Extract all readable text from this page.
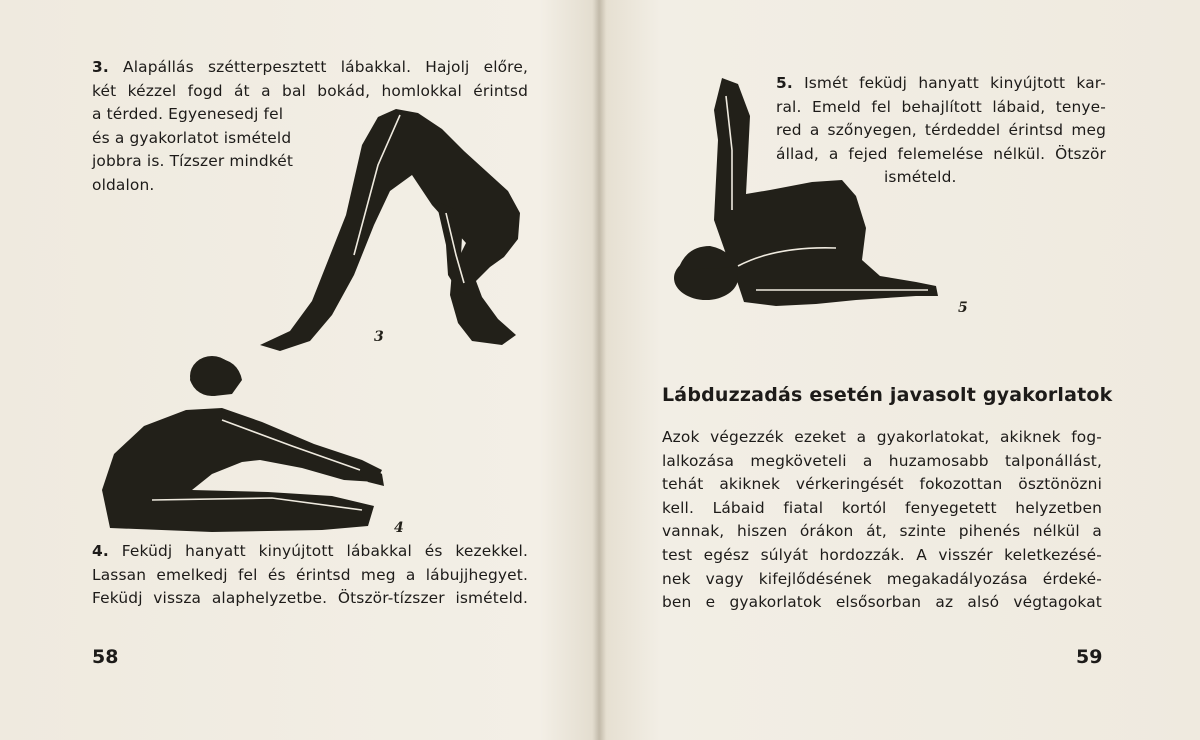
3. Alapállás szétterpesztett lábakkal. Hajolj előre,
két kézzel fogd át a bal bokád, homlokkal érintsd
a térded. Egyenesedj fel
és a gyakorlatot ismételd
jobbra is. Tízszer mindkét
oldalon.
3
4
4. Feküdj hanyatt kinyújtott lábakkal és kezekkel.
Lassan emelkedj fel és érintsd meg a lábujjhegyet.
Feküdj vissza alaphelyzetbe. Ötször-tízszer ismételd.
58
5
5. Ismét feküdj hanyatt kinyújtott kar-
ral. Emeld fel behajlított lábaid, tenye-
red a szőnyegen, térdeddel érintsd meg
állad, a fejed felemelése nélkül. Ötször
ismételd.
Lábduzzadás esetén javasolt gyakorlatok
Azok végezzék ezeket a gyakorlatokat, akiknek fog-
lalkozása megköveteli a huzamosabb talponállást,
tehát akiknek vérkeringését fokozottan ösztönözni
kell. Lábaid fiatal kortól fenyegetett helyzetben
vannak, hiszen órákon át, szinte pihenés nélkül a
test egész súlyát hordozzák. A visszér keletkezésé-
nek vagy kifejlődésének megakadályozása érdeké-
ben e gyakorlatok elsősorban az alsó végtagokat
59
